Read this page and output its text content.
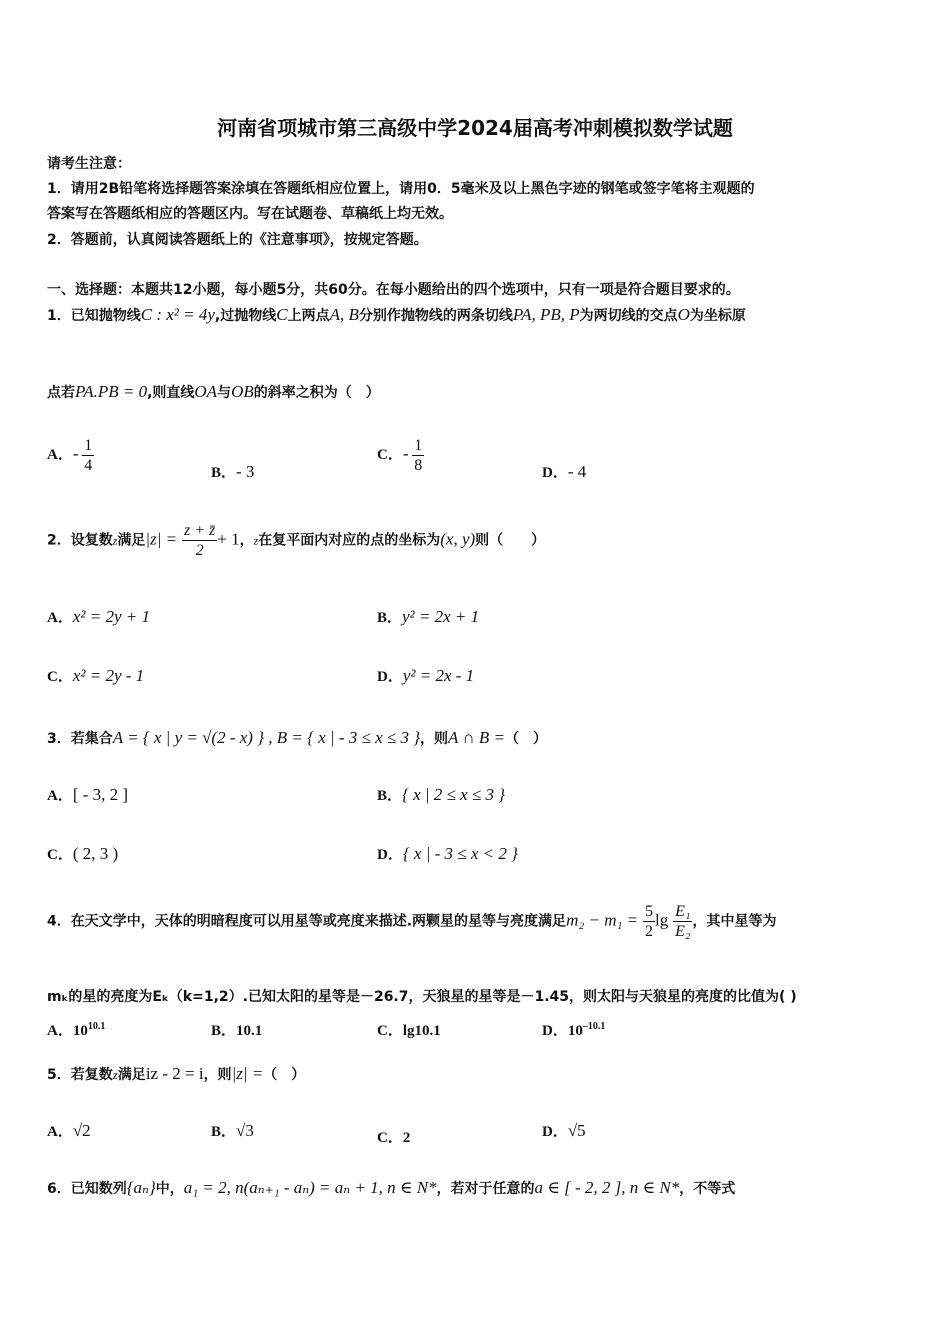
河南省项城市第三高级中学2024届高考冲刺模拟数学试题
请考生注意：
1．请用2B铅笔将选择题答案涂填在答题纸相应位置上，请用0．5毫米及以上黑色字迹的钢笔或签字笔将主观题的
答案写在答题纸相应的答题区内。写在试题卷、草稿纸上均无效。
2．答题前，认真阅读答题纸上的《注意事项》，按规定答题。
一、选择题：本题共12小题，每小题5分，共60分。在每小题给出的四个选项中，只有一项是符合题目要求的。
1．已知抛物线C : x² = 4y,过抛物线C上两点A, B分别作抛物线的两条切线PA, PB, P为两切线的交点O为坐标原
点若PA.PB = 0,则直线OA与OB的斜率之积为（　）
A．- $\frac{1}{4}$	B．- 3
C．- $\frac{1}{8}$	D．- 4
2．设复数z满足$|z| = \frac{z + z̄}{2} + 1$，z在复平面内对应的点的坐标为(x, y)则（　　）
A．x² = 2y + 1	B．y² = 2x + 1
C．x² = 2y - 1	D．y² = 2x - 1
3．若集合A = { x | y = √(2 - x) } , B = { x | - 3 ≤ x ≤ 3 }，则A ∩ B =（　）
A．[ - 3, 2 ]	B．{ x | 2 ≤ x ≤ 3 }
C．( 2, 3 )	D．{ x | - 3 ≤ x < 2 }
4．在天文学中，天体的明暗程度可以用星等或亮度来描述.两颗星的星等与亮度满足$m_2 - m_1 = \frac{5}{2}$ $\lg \frac{\text{E₁}}{\text{E₂}}$ ，其中星等为
mₖ的星的亮度为Eₖ（k=1,2）.已知太阳的星等是－26.7，天狼星的星等是－1.45，则太阳与天狼星的亮度的比值为( )
A．$10^{10.1}$	B．10.1	C．lg10.1	D．$10^{-10.1}$
5．若复数z满足iz - 2 = i，则|z| =（　）
A．√2	B．√3	C．2	D．√5
6．已知数列{aₙ}中，a₁ = 2, n(aₙ₊₁ - aₙ) = aₙ + 1, n ∈ N*，若对于任意的a ∈ [ - 2, 2 ], n ∈ N*，不等式
